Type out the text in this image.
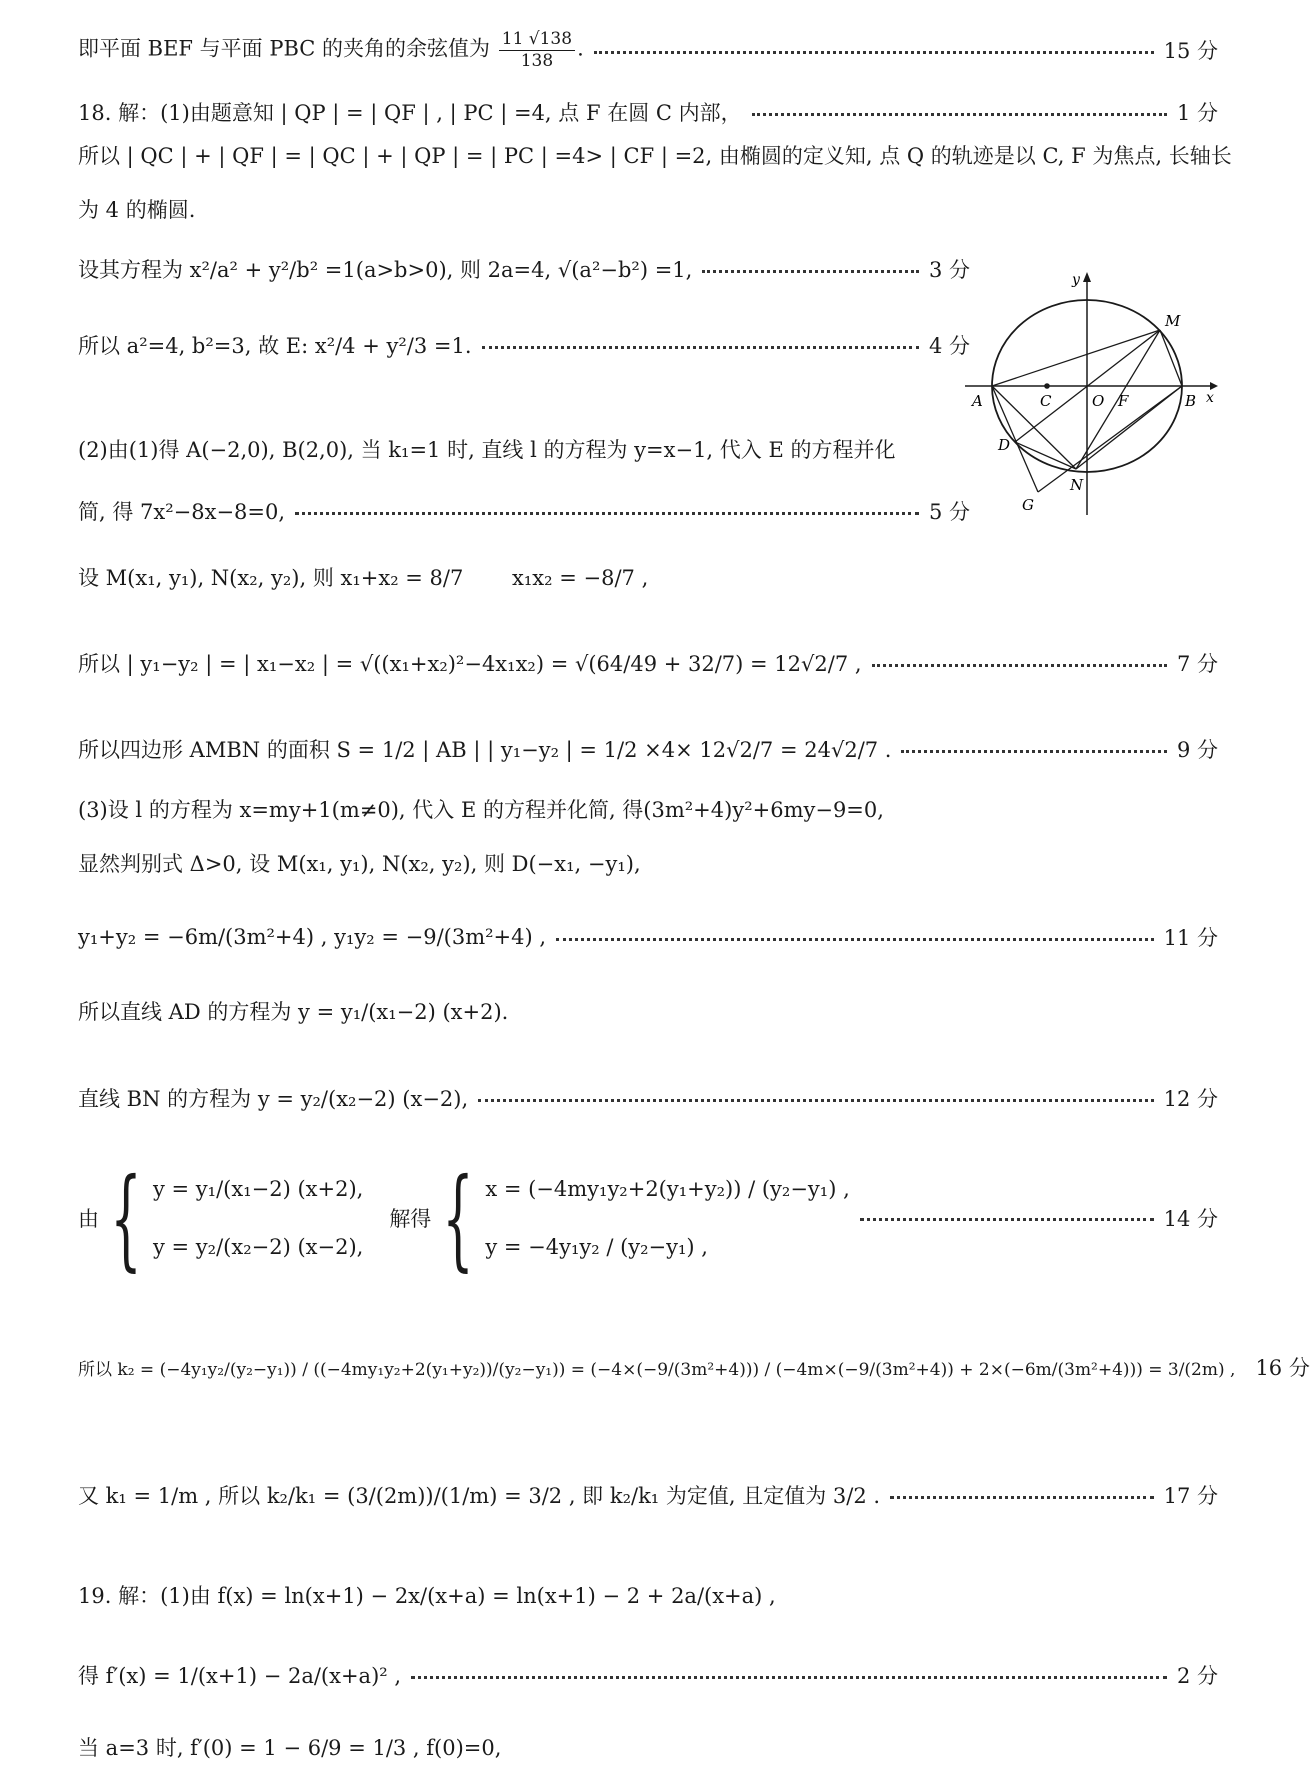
即平面 BEF 与平面 PBC 的夹角的余弦值为 $\frac{11 √138}{138}$ .	15 分
18. 解：(1)由题意知 | QP | = | QF | , | PC | =4, 点 F 在圆 C 内部，	1 分
所以 | QC | + | QF | = | QC | + | QP | = | PC | =4> | CF | =2, 由椭圆的定义知, 点 Q 的轨迹是以 C, F 为焦点, 长轴长
为 4 的椭圆.
设其方程为 x²/a² + y²/b² =1(a>b>0), 则 2a=4, √(a²−b²) =1,	3 分
所以 a²=4, b²=3, 故 E: x²/4 + y²/3 =1.	4 分
(2)由(1)得 A(−2,0), B(2,0), 当 k₁=1 时, 直线 l 的方程为 y=x−1, 代入 E 的方程并化
简, 得 7x²−8x−8=0,	5 分
设 M(x₁, y₁), N(x₂, y₂), 则 x₁+x₂ = 8/7 　　x₁x₂ = −8/7 ,
所以 | y₁−y₂ | = | x₁−x₂ | = √((x₁+x₂)²−4x₁x₂) = √(64/49 + 32/7) = 12√2/7 ,	7 分
所以四边形 AMBN 的面积 S = 1/2 | AB | | y₁−y₂ | = 1/2 ×4× 12√2/7 = 24√2/7 .	9 分
(3)设 l 的方程为 x=my+1(m≠0), 代入 E 的方程并化简, 得(3m²+4)y²+6my−9=0,
显然判别式 Δ>0, 设 M(x₁, y₁), N(x₂, y₂), 则 D(−x₁, −y₁),
y₁+y₂ = −6m/(3m²+4) , y₁y₂ = −9/(3m²+4) ,	11 分
所以直线 AD 的方程为 y = y₁/(x₁−2) (x+2).
直线 BN 的方程为 y = y₂/(x₂−2) (x−2),	12 分
由 { y = y₁/(x₁−2) (x+2),
y = y₂/(x₂−2) (x−2),
解得 { x = (−4my₁y₂+2(y₁+y₂)) / (y₂−y₁) ,
y = −4y₁y₂ / (y₂−y₁) ,
14 分
所以 k₂ = (−4y₁y₂/(y₂−y₁)) / ((−4my₁y₂+2(y₁+y₂))/(y₂−y₁)) = (−4×(−9/(3m²+4))) / (−4m×(−9/(3m²+4)) + 2×(−6m/(3m²+4))) = 3/(2m) , 16 分
又 k₁ = 1/m , 所以 k₂/k₁ = (3/(2m))/(1/m) = 3/2 , 即 k₂/k₁ 为定值, 且定值为 3/2 .	17 分
19. 解：(1)由 f(x) = ln(x+1) − 2x/(x+a) = ln(x+1) − 2 + 2a/(x+a) ,
得 f′(x) = 1/(x+1) − 2a/(x+a)² ,	2 分
当 a=3 时, f′(0) = 1 − 6/9 = 1/3 , f(0)=0,
A	C	O F	B x
y
M
D
N
G
